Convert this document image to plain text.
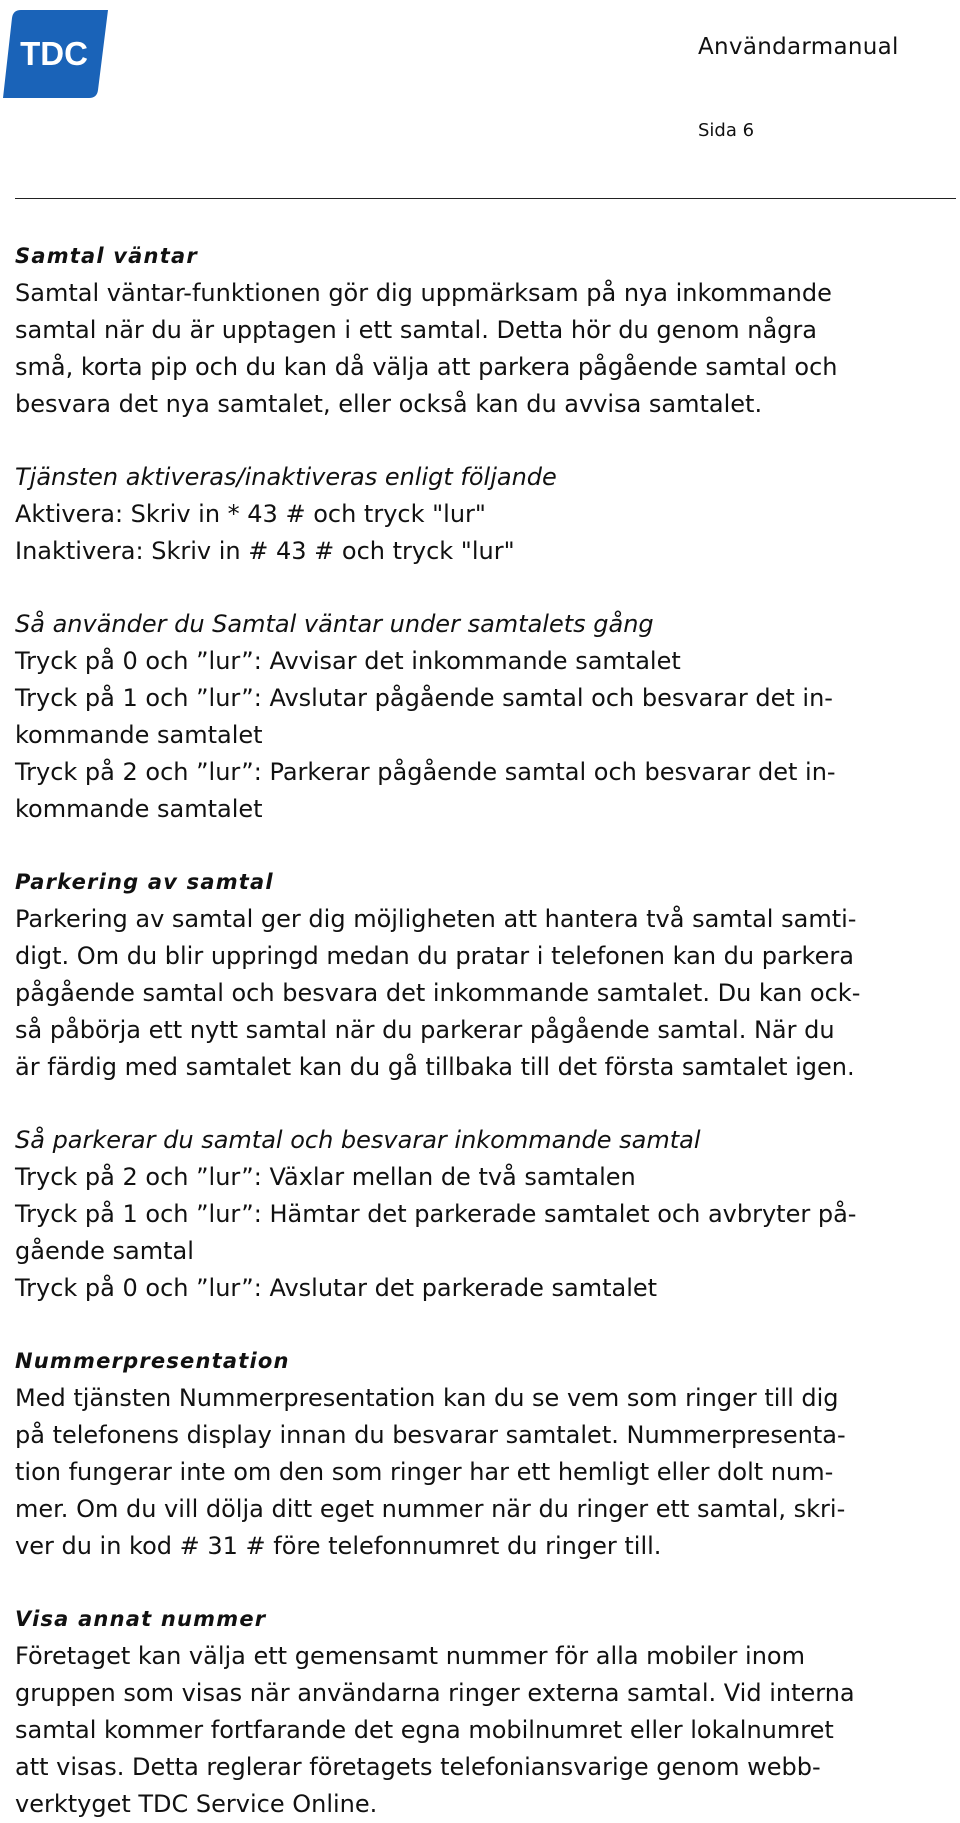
TDC	Användarmanual
Sida 6
Samtal väntar
Samtal väntar-funktionen gör dig uppmärksam på nya inkommande
samtal när du är upptagen i ett samtal. Detta hör du genom några
små, korta pip och du kan då välja att parkera pågående samtal och
besvara det nya samtalet, eller också kan du avvisa samtalet.
Tjänsten aktiveras/inaktiveras enligt följande
Aktivera: Skriv in * 43 # och tryck "lur"
Inaktivera: Skriv in # 43 # och tryck "lur"
Så använder du Samtal väntar under samtalets gång
Tryck på 0 och ”lur”: Avvisar det inkommande samtalet
Tryck på 1 och ”lur”: Avslutar pågående samtal och besvarar det in-
kommande samtalet
Tryck på 2 och ”lur”: Parkerar pågående samtal och besvarar det in-
kommande samtalet
Parkering av samtal
Parkering av samtal ger dig möjligheten att hantera två samtal samti-
digt. Om du blir uppringd medan du pratar i telefonen kan du parkera
pågående samtal och besvara det inkommande samtalet. Du kan ock-
så påbörja ett nytt samtal när du parkerar pågående samtal. När du
är färdig med samtalet kan du gå tillbaka till det första samtalet igen.
Så parkerar du samtal och besvarar inkommande samtal
Tryck på 2 och ”lur”: Växlar mellan de två samtalen
Tryck på 1 och ”lur”: Hämtar det parkerade samtalet och avbryter på-
gående samtal
Tryck på 0 och ”lur”: Avslutar det parkerade samtalet
Nummerpresentation
Med tjänsten Nummerpresentation kan du se vem som ringer till dig
på telefonens display innan du besvarar samtalet. Nummerpresenta-
tion fungerar inte om den som ringer har ett hemligt eller dolt num-
mer. Om du vill dölja ditt eget nummer när du ringer ett samtal, skri-
ver du in kod # 31 # före telefonnumret du ringer till.
Visa annat nummer
Företaget kan välja ett gemensamt nummer för alla mobiler inom
gruppen som visas när användarna ringer externa samtal. Vid interna
samtal kommer fortfarande det egna mobilnumret eller lokalnumret
att visas. Detta reglerar företagets telefoniansvarige genom webb-
verktyget TDC Service Online.
